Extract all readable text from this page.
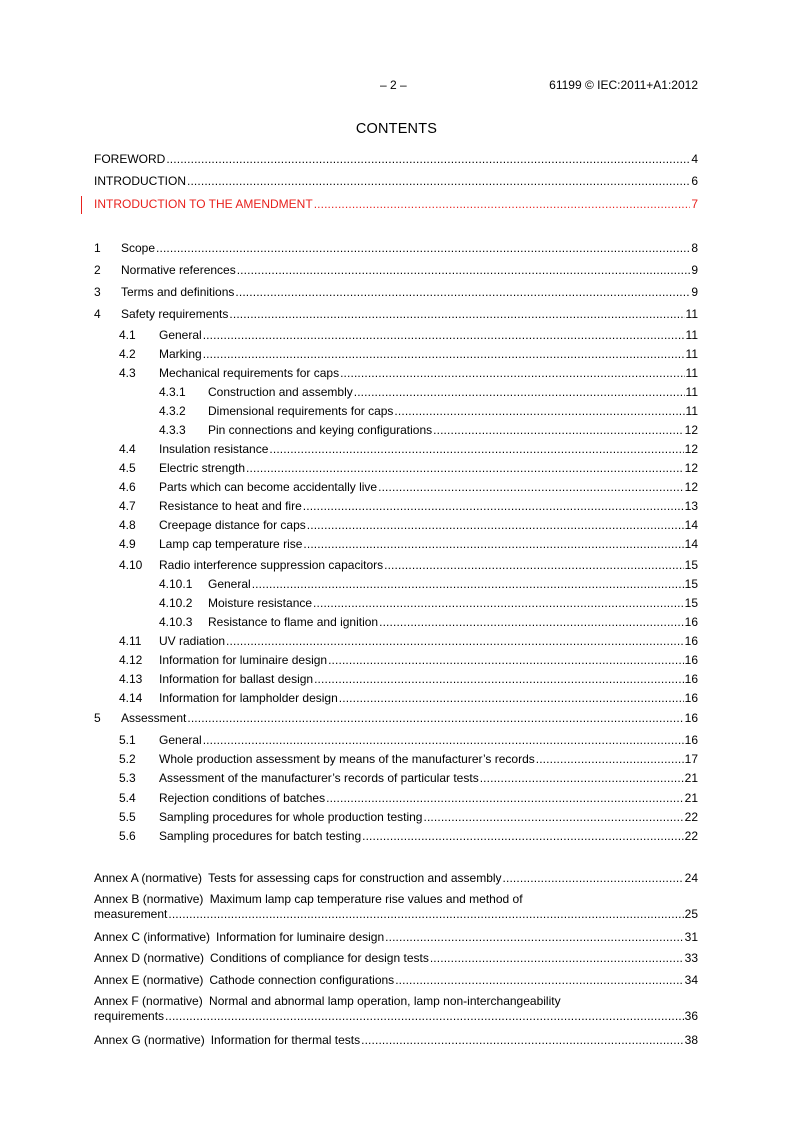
– 2 –	61199 © IEC:2011+A1:2012
CONTENTS
FOREWORD . . .	4
INTRODUCTION . . .	6
INTRODUCTION TO THE AMENDMENT . . .	7
1	Scope . . .	8
2	Normative references . . .	9
3	Terms and definitions . . .	9
4	Safety requirements . . .	11
4.1	General . . .	11
4.2	Marking . . .	11
4.3	Mechanical requirements for caps . . .	11
4.3.1	Construction and assembly . . .	11
4.3.2	Dimensional requirements for caps . . .	11
4.3.3	Pin connections and keying configurations . . .	12
4.4	Insulation resistance . . .	12
4.5	Electric strength . . .	12
4.6	Parts which can become accidentally live . . .	12
4.7	Resistance to heat and fire . . .	13
4.8	Creepage distance for caps . . .	14
4.9	Lamp cap temperature rise . . .	14
4.10	Radio interference suppression capacitors . . .	15
4.10.1	General . . .	15
4.10.2	Moisture resistance . . .	15
4.10.3	Resistance to flame and ignition . . .	16
4.11	UV radiation . . .	16
4.12	Information for luminaire design . . .	16
4.13	Information for ballast design . . .	16
4.14	Information for lampholder design . . .	16
5	Assessment . . .	16
5.1	General . . .	16
5.2	Whole production assessment by means of the manufacturer’s records . . .	17
5.3	Assessment of the manufacturer’s records of particular tests . . .	21
5.4	Rejection conditions of batches . . .	21
5.5	Sampling procedures for whole production testing . . .	22
5.6	Sampling procedures for batch testing . . .	22
Annex A (normative) Tests for assessing caps for construction and assembly . . .	24
Annex B (normative) Maximum lamp cap temperature rise values and method of
measurement . . .	25
Annex C (informative) Information for luminaire design . . .	31
Annex D (normative) Conditions of compliance for design tests . . .	33
Annex E (normative) Cathode connection configurations . . .	34
Annex F (normative) Normal and abnormal lamp operation, lamp non-interchangeability
requirements . . .	36
Annex G (normative) Information for thermal tests . . .	38
